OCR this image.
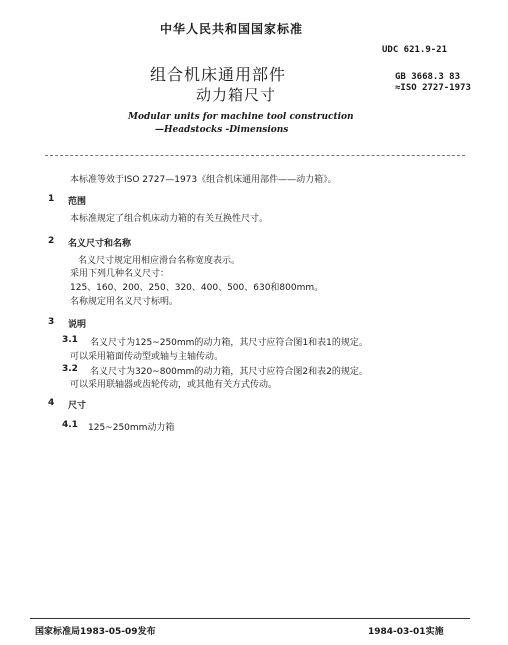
中华人民共和国国家标准
UDC 621.9-21
组合机床通用部件
动力箱尺寸
GB 3668.3 83
≈ISO 2727-1973
Modular units for machine tool construction
—Headstocks -Dimensions
本标准等效于ISO 2727—1973《组合机床通用部件——动力箱》。
1 范围
本标准规定了组合机床动力箱的有关互换性尺寸。
2 名义尺寸和名称
名义尺寸规定用相应滑台名称宽度表示。
采用下列几种名义尺寸：
125、160、200、250、320、400、500、630和800mm。
名称规定用名义尺寸标明。
3 说明
3.1 名义尺寸为125~250mm的动力箱，其尺寸应符合图1和表1的规定。
可以采用箱面传动型或轴与主轴传动。
3.2 名义尺寸为320~800mm的动力箱，其尺寸应符合图2和表2的规定。
可以采用联轴器或齿轮传动，或其他有关方式传动。
4 尺寸
4.1 125~250mm动力箱
国家标准局1983-05-09发布	1984-03-01实施
